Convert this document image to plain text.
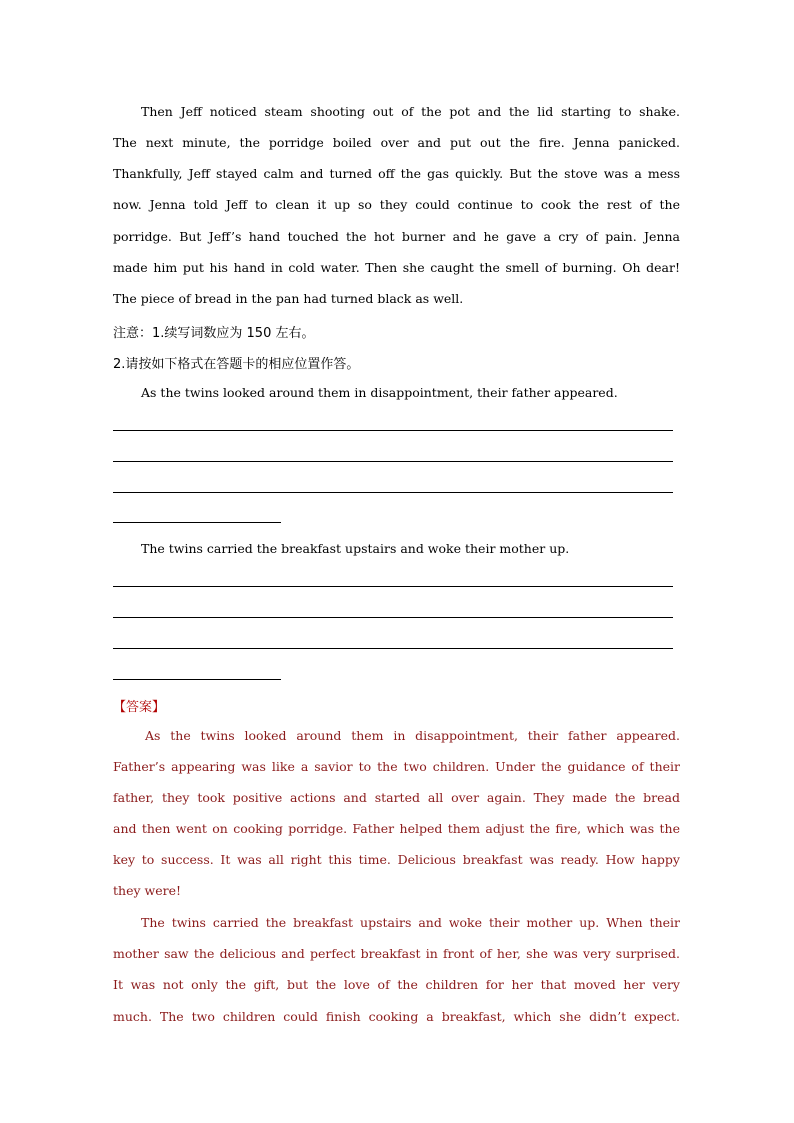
Then Jeff noticed steam shooting out of the pot and the lid starting to shake.
The next minute, the porridge boiled over and put out the fire. Jenna panicked.
Thankfully, Jeff stayed calm and turned off the gas quickly. But the stove was a mess
now. Jenna told Jeff to clean it up so they could continue to cook the rest of the
porridge. But Jeff’s hand touched the hot burner and he gave a cry of pain. Jenna
made him put his hand in cold water. Then she caught the smell of burning. Oh dear!
The piece of bread in the pan had turned black as well.
注意：1.续写词数应为 150 左右。
2.请按如下格式在答题卡的相应位置作答。
As the twins looked around them in disappointment, their father appeared.
The twins carried the breakfast upstairs and woke their mother up.
【答案】
As the twins looked around them in disappointment, their father appeared.
Father’s appearing was like a savior to the two children. Under the guidance of their
father, they took positive actions and started all over again. They made the bread
and then went on cooking porridge. Father helped them adjust the fire, which was the
key to success. It was all right this time. Delicious breakfast was ready. How happy
they were!
The twins carried the breakfast upstairs and woke their mother up. When their
mother saw the delicious and perfect breakfast in front of her, she was very surprised.
It was not only the gift, but the love of the children for her that moved her very
much. The two children could finish cooking a breakfast, which she didn’t expect.
